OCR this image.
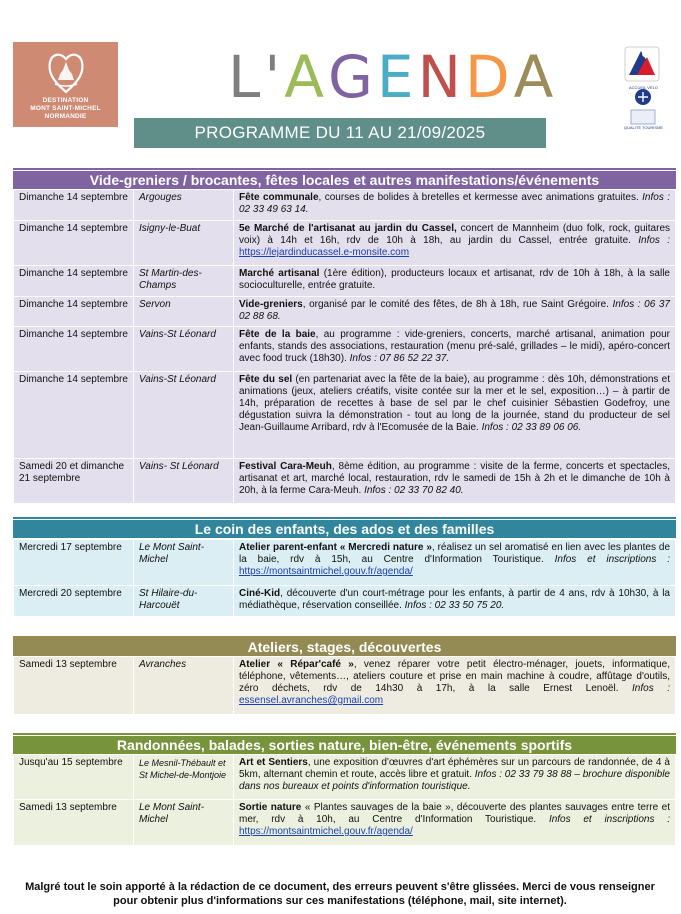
DESTINATION
MONT SAINT-MICHEL
NORMANDIE
L'AGENDA
PROGRAMME DU 11 AU 21/09/2025
ACCUEIL VÉLO
QUALITÉ TOURISME
Vide-greniers / brocantes, fêtes locales et autres manifestations/événements
Dimanche 14 septembre	Argouges	Fête communale, courses de bolides à bretelles et kermesse avec animations gratuites. Infos : 02 33 49 63 14.
Dimanche 14 septembre	Isigny-le-Buat	5e Marché de l'artisanat au jardin du Cassel, concert de Mannheim (duo folk, rock, guitares voix) à 14h et 16h, rdv de 10h à 18h, au jardin du Cassel, entrée gratuite. Infos : https://lejardinducassel.e-monsite.com
Dimanche 14 septembre	St Martin-des-Champs	Marché artisanal (1ère édition), producteurs locaux et artisanat, rdv de 10h à 18h, à la salle socioculturelle, entrée gratuite.
Dimanche 14 septembre	Servon	Vide-greniers, organisé par le comité des fêtes, de 8h à 18h, rue Saint Grégoire. Infos : 06 37 02 88 68.
Dimanche 14 septembre	Vains-St Léonard	Fête de la baie, au programme : vide-greniers, concerts, marché artisanal, animation pour enfants, stands des associations, restauration (menu pré-salé, grillades – le midi), apéro-concert avec food truck (18h30). Infos : 07 86 52 22 37.
Dimanche 14 septembre	Vains-St Léonard	Fête du sel (en partenariat avec la fête de la baie), au programme : dès 10h, démonstrations et animations (jeux, ateliers créatifs, visite contée sur la mer et le sel, exposition…) – à partir de 14h, préparation de recettes à base de sel par le chef cuisinier Sébastien Godefroy, une dégustation suivra la démonstration - tout au long de la journée, stand du producteur de sel Jean-Guillaume Arribard, rdv à l'Ecomusée de la Baie. Infos : 02 33 89 06 06.
Samedi 20 et dimanche 21 septembre	Vains- St Léonard	Festival Cara-Meuh, 8ème édition, au programme : visite de la ferme, concerts et spectacles, artisanat et art, marché local, restauration, rdv le samedi de 15h à 2h et le dimanche de 10h à 20h, à la ferme Cara-Meuh. Infos : 02 33 70 82 40.
Le coin des enfants, des ados et des familles
Mercredi 17 septembre	Le Mont Saint-Michel	Atelier parent-enfant « Mercredi nature », réalisez un sel aromatisé en lien avec les plantes de la baie, rdv à 15h, au Centre d'Information Touristique. Infos et inscriptions : https://montsaintmichel.gouv.fr/agenda/
Mercredi 20 septembre	St Hilaire-du-Harcouët	Ciné-Kid, découverte d'un court-métrage pour les enfants, à partir de 4 ans, rdv à 10h30, à la médiathèque, réservation conseillée. Infos : 02 33 50 75 20.
Ateliers, stages, découvertes
Samedi 13 septembre	Avranches	Atelier « Répar'café », venez réparer votre petit électro-ménager, jouets, informatique, téléphone, vêtements…, ateliers couture et prise en main machine à coudre, affûtage d'outils, zéro déchets, rdv de 14h30 à 17h, à la salle Ernest Lenoël. Infos : essensel.avranches@gmail.com
Randonnées, balades, sorties nature, bien-être, événements sportifs
Jusqu'au 15 septembre	Le Mesnil-Thébault et St Michel-de-Montjoie	Art et Sentiers, une exposition d'œuvres d'art éphémères sur un parcours de randonnée, de 4 à 5km, alternant chemin et route, accès libre et gratuit. Infos : 02 33 79 38 88 – brochure disponible dans nos bureaux et points d'information touristique.
Samedi 13 septembre	Le Mont Saint-Michel	Sortie nature « Plantes sauvages de la baie », découverte des plantes sauvages entre terre et mer, rdv à 10h, au Centre d'Information Touristique. Infos et inscriptions : https://montsaintmichel.gouv.fr/agenda/
Malgré tout le soin apporté à la rédaction de ce document, des erreurs peuvent s'être glissées. Merci de vous renseigner pour obtenir plus d'informations sur ces manifestations (téléphone, mail, site internet).
